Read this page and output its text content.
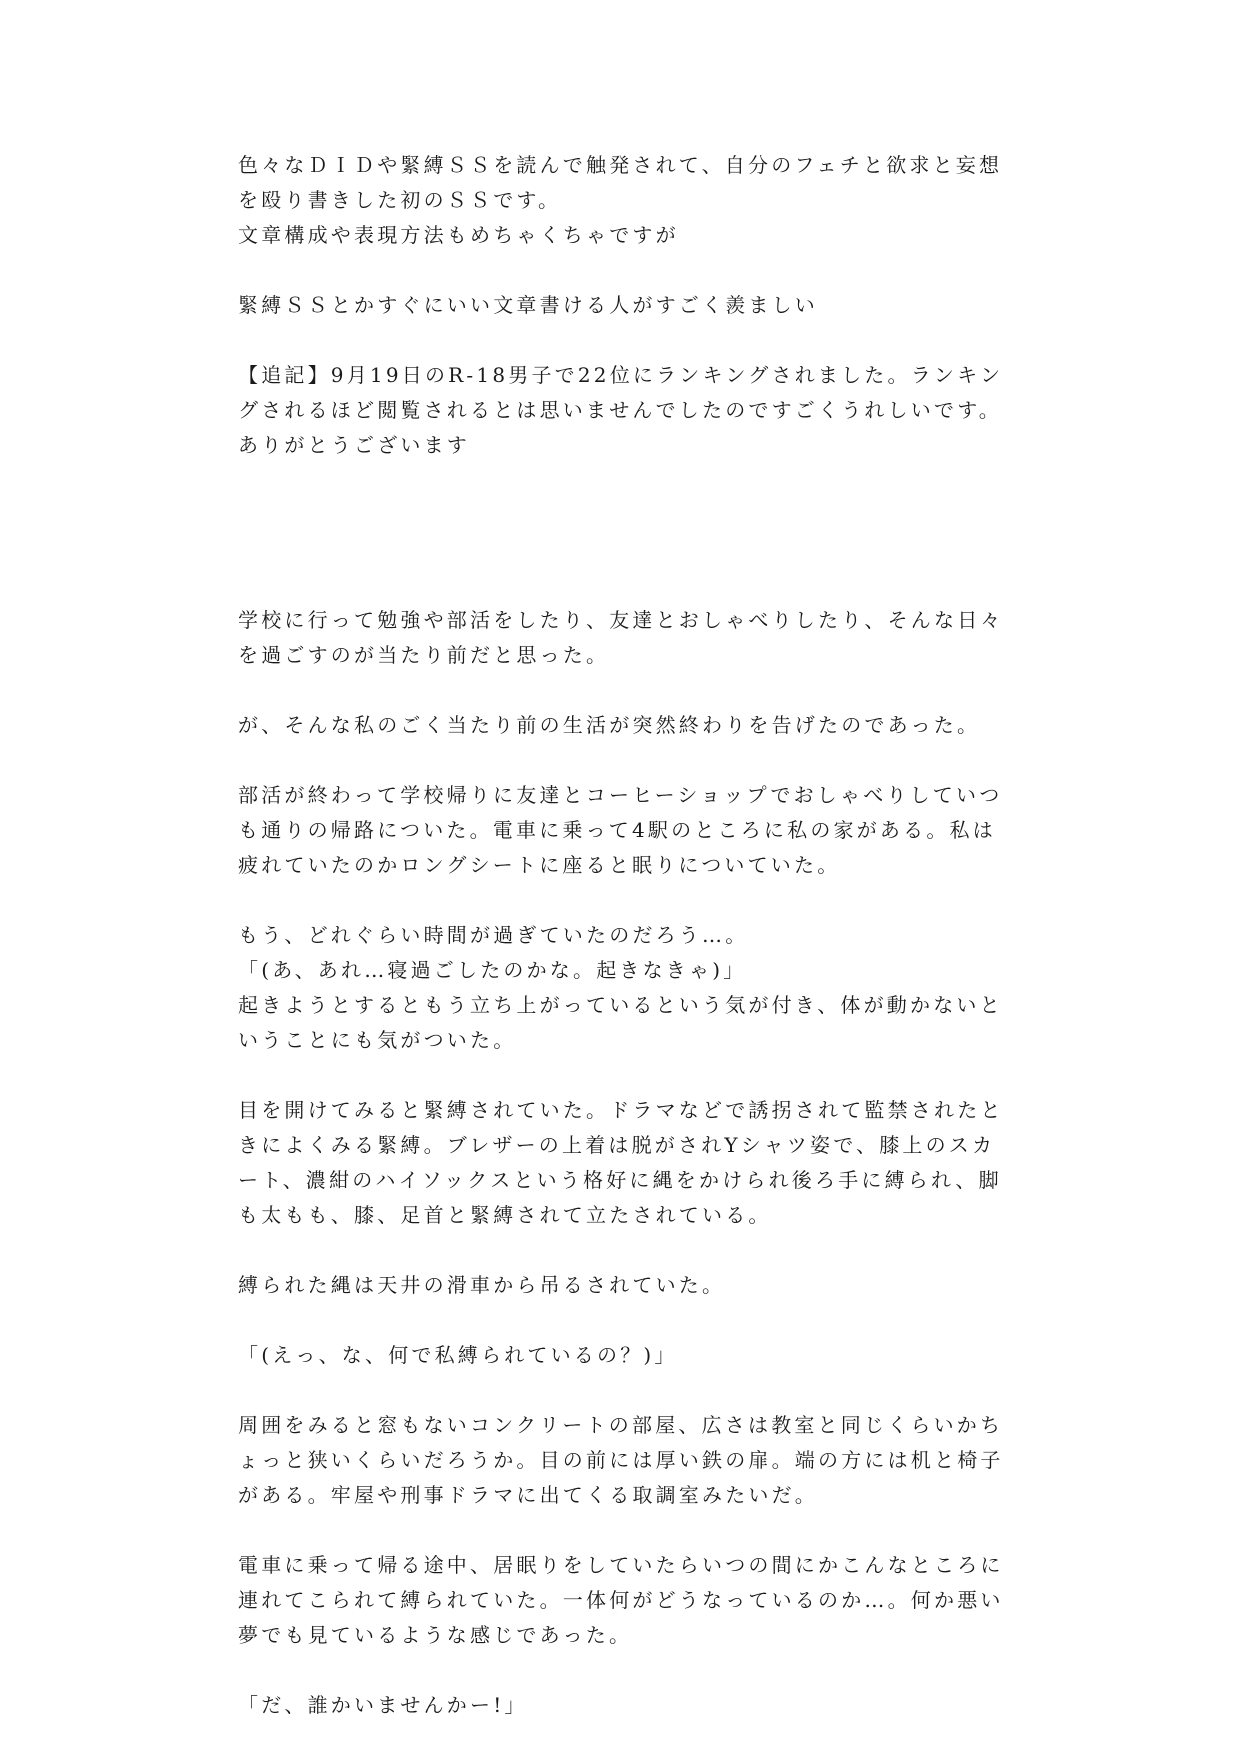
色々なＤＩＤや緊縛ＳＳを読んで触発されて、自分のフェチと欲求と妄想を殴り書きした初のＳＳです。
文章構成や表現方法もめちゃくちゃですが

緊縛ＳＳとかすぐにいい文章書ける人がすごく羨ましい

【追記】9月19日のR-18男子で22位にランキングされました。ランキングされるほど閲覧されるとは思いませんでしたのですごくうれしいです。ありがとうございます

学校に行って勉強や部活をしたり、友達とおしゃべりしたり、そんな日々を過ごすのが当たり前だと思った。

が、そんな私のごく当たり前の生活が突然終わりを告げたのであった。

部活が終わって学校帰りに友達とコーヒーショップでおしゃべりしていつも通りの帰路についた。電車に乗って4駅のところに私の家がある。私は疲れていたのかロングシートに座ると眠りについていた。

もう、どれぐらい時間が過ぎていたのだろう…。
「(あ、あれ…寝過ごしたのかな。起きなきゃ)」
起きようとするともう立ち上がっているという気が付き、体が動かないということにも気がついた。

目を開けてみると緊縛されていた。ドラマなどで誘拐されて監禁されたときによくみる緊縛。ブレザーの上着は脱がされYシャツ姿で、膝上のスカート、濃紺のハイソックスという格好に縄をかけられ後ろ手に縛られ、脚も太もも、膝、足首と緊縛されて立たされている。

縛られた縄は天井の滑車から吊るされていた。

「(えっ、な、何で私縛られているの？)」

周囲をみると窓もないコンクリートの部屋、広さは教室と同じくらいかちょっと狭いくらいだろうか。目の前には厚い鉄の扉。端の方には机と椅子がある。牢屋や刑事ドラマに出てくる取調室みたいだ。

電車に乗って帰る途中、居眠りをしていたらいつの間にかこんなところに連れてこられて縛られていた。一体何がどうなっているのか…。何か悪い夢でも見ているような感じであった。

「だ、誰かいませんかー!」
